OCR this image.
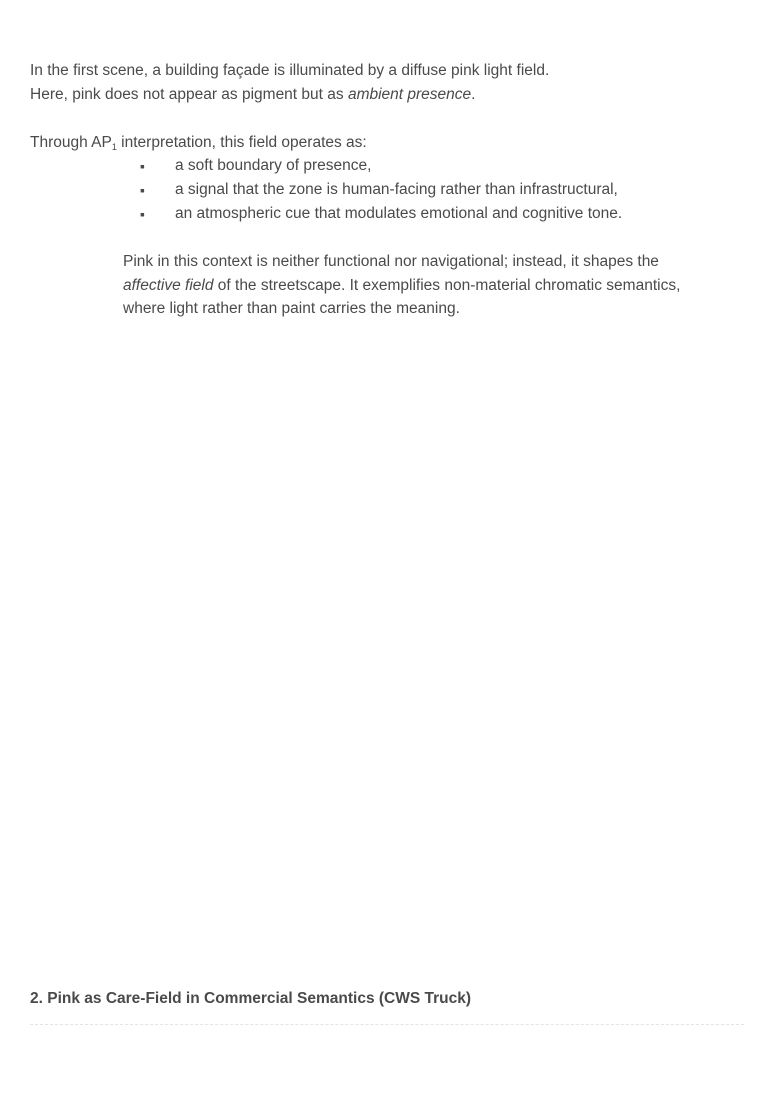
In the first scene, a building façade is illuminated by a diffuse pink light field.
Here, pink does not appear as pigment but as ambient presence.
Through $AP_1$ interpretation, this field operates as:
▪ a soft boundary of presence,
▪ a signal that the zone is human-facing rather than infrastructural,
▪ an atmospheric cue that modulates emotional and cognitive tone.
Pink in this context is neither functional nor navigational; instead, it shapes the
affective field of the streetscape. It exemplifies non-material chromatic semantics,
where light rather than paint carries the meaning.
2. Pink as Care-Field in Commercial Semantics (CWS Truck)
